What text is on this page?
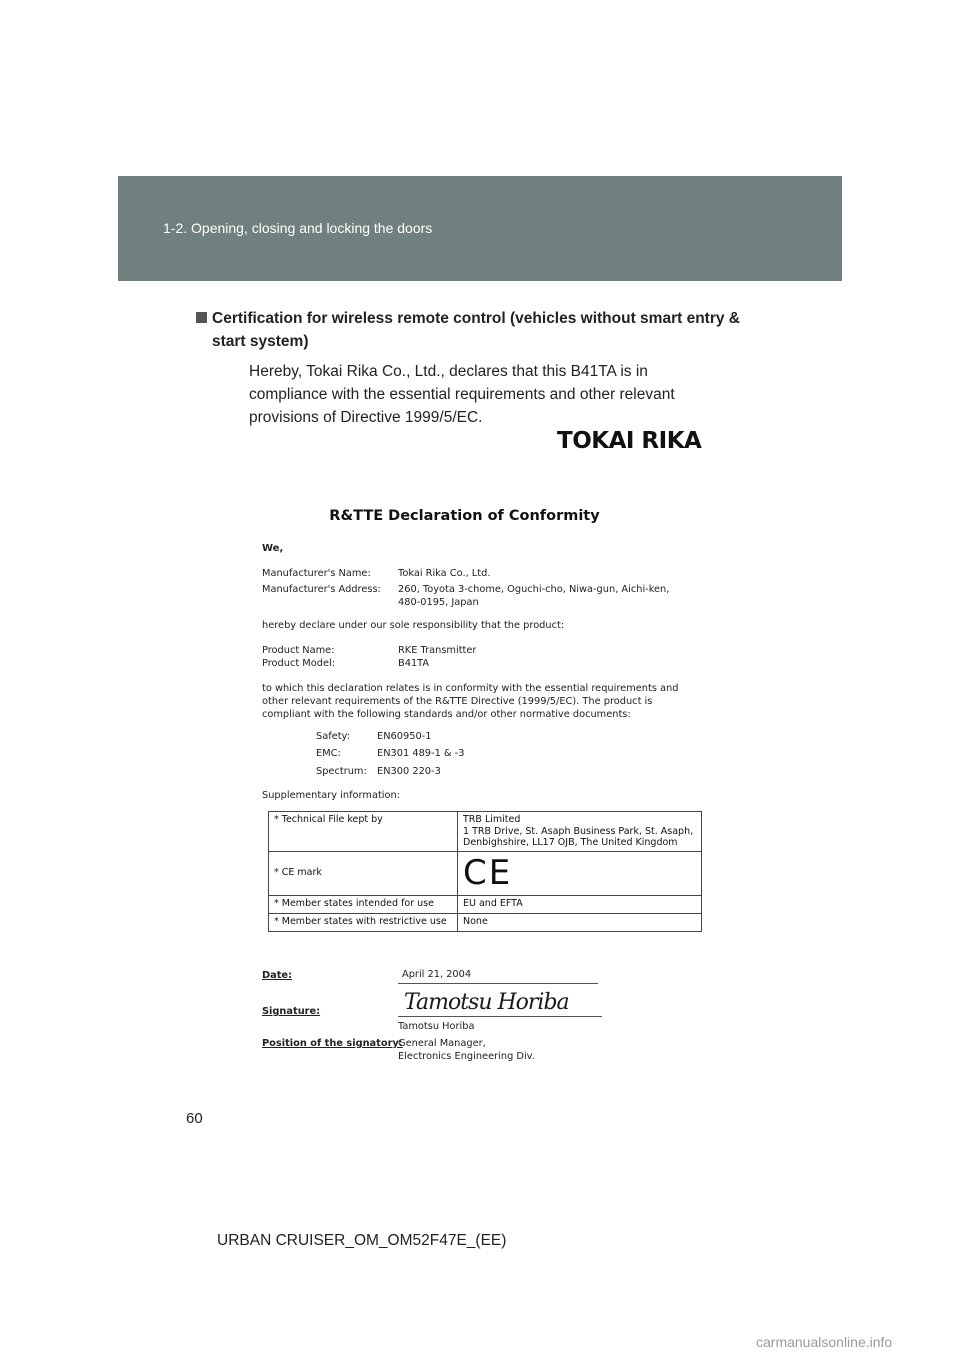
1-2. Opening, closing and locking the doors
Certification for wireless remote control (vehicles without smart entry & start system)
Hereby, Tokai Rika Co., Ltd., declares that this B41TA is in compliance with the essential requirements and other relevant provisions of Directive 1999/5/EC.
TOKAI RIKA
R&TTE Declaration of Conformity
We,
Manufacturer's Name:	Tokai Rika Co., Ltd.
Manufacturer's Address: 260, Toyota 3-chome, Oguchi-cho, Niwa-gun, Aichi-ken,
480-0195, Japan
hereby declare under our sole responsibility that the product:
Product Name:	RKE Transmitter
Product Model:	B41TA
to which this declaration relates is in conformity with the essential requirements and
other relevant requirements of the R&TTE Directive (1999/5/EC). The product is
compliant with the following standards and/or other normative documents:
Safety:	EN60950-1
EMC:	EN301 489-1 & -3
Spectrum: EN300 220-3
Supplementary information:
* Technical File kept by	TRB Limited
1 TRB Drive, St. Asaph Business Park, St. Asaph,
Denbighshire, LL17 OJB, The United Kingdom

* CE mark	CE
* Member states intended for use	EU and EFTA
* Member states with restrictive use	None
Date:	April 21, 2004
Signature:	Tamotsu Horiba
Tamotsu Horiba
Position of the signatory:
General Manager,
Electronics Engineering Div.
60
URBAN CRUISER_OM_OM52F47E_(EE)
carmanualsonline.info
